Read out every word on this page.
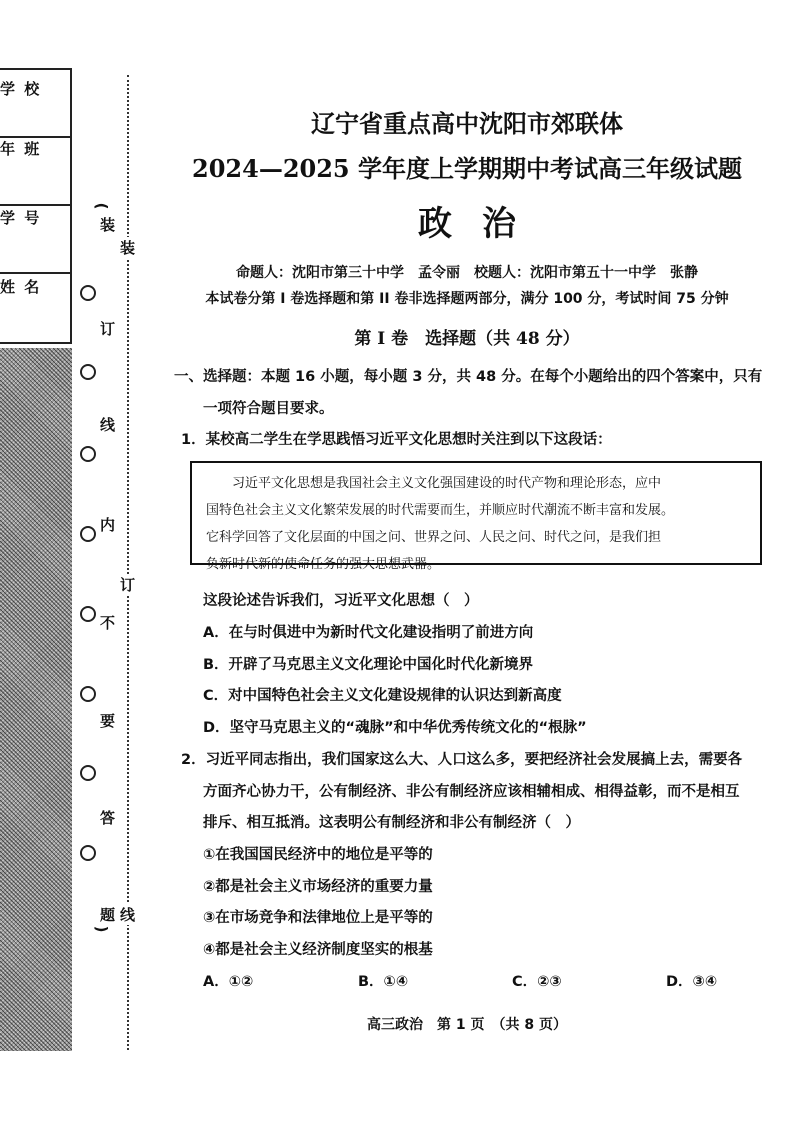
学 校
年 班
学 号
姓 名
(
装
订
线
内
不
要
答
题
)
装
订
线
辽宁省重点高中沈阳市郊联体
2024—2025 学年度上学期期中考试高三年级试题
政治
命题人：沈阳市第三十中学　孟令丽　校题人：沈阳市第五十一中学　张静
本试卷分第 I 卷选择题和第 II 卷非选择题两部分，满分 100 分，考试时间 75 分钟
第 I 卷　选择题（共 48 分）
一、选择题：本题 16 小题，每小题 3 分，共 48 分。在每个小题给出的四个答案中，只有
一项符合题目要求。
1．某校高二学生在学思践悟习近平文化思想时关注到以下这段话：
　　习近平文化思想是我国社会主义文化强国建设的时代产物和理论形态，应中
国特色社会主义文化繁荣发展的时代需要而生，并顺应时代潮流不断丰富和发展。
它科学回答了文化层面的中国之问、世界之问、人民之问、时代之问，是我们担
负新时代新的使命任务的强大思想武器。
这段论述告诉我们，习近平文化思想（　）
A．在与时俱进中为新时代文化建设指明了前进方向
B．开辟了马克思主义文化理论中国化时代化新境界
C．对中国特色社会主义文化建设规律的认识达到新高度
D．坚守马克思主义的“魂脉”和中华优秀传统文化的“根脉”
2．习近平同志指出，我们国家这么大、人口这么多，要把经济社会发展搞上去，需要各
方面齐心协力干，公有制经济、非公有制经济应该相辅相成、相得益彰，而不是相互
排斥、相互抵消。这表明公有制经济和非公有制经济（　）
①在我国国民经济中的地位是平等的
②都是社会主义市场经济的重要力量
③在市场竞争和法律地位上是平等的
④都是社会主义经济制度坚实的根基
A．①②	B．①④	C．②③	D．③④
高三政治　第 1 页　（共 8 页）
